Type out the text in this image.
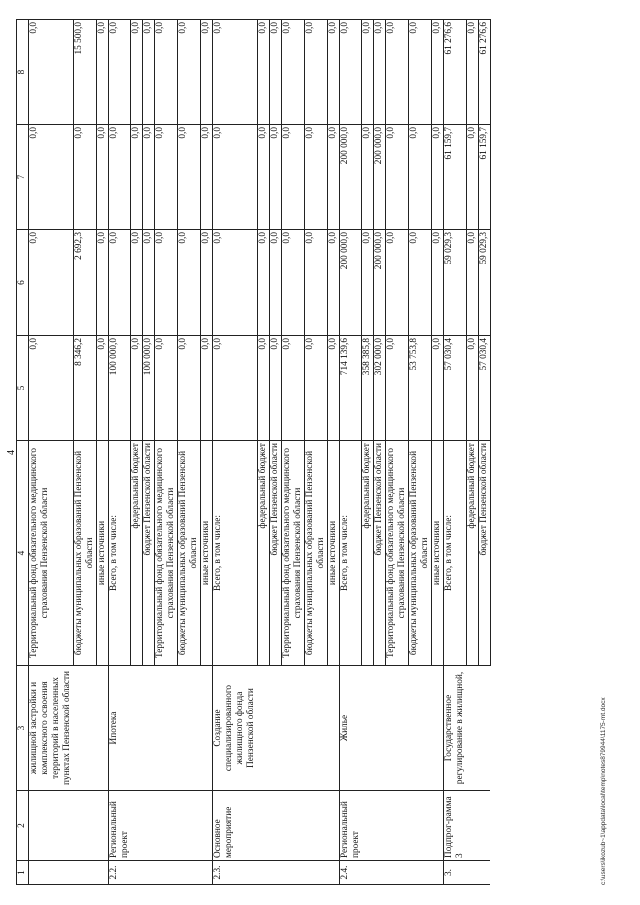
4
1	2	3	4	5	6	7	8
		жилищной застройки и комплексного освоения территорий в населенных пунктах Пензенской области	Территориальный фонд обязательного медицинского страхования Пензенской области	0,0	0,0	0,0	0,0
			бюджеты муниципальных образований Пензенской области	8 346,2	2 692,3	0,0	15 500,0
			иные источники	0,0	0,0	0,0	0,0
2.2.	Региональный проект	Ипотека	Всего, в том числе:	100 000,0	0,0	0,0	0,0
			федеральный бюджет	0,0	0,0	0,0	0,0
			бюджет Пензенской области	100 000,0	0,0	0,0	0,0
			Территориальный фонд обязательного медицинского страхования Пензенской области	0,0	0,0	0,0	0,0
			бюджеты муниципальных образований Пензенской области	0,0	0,0	0,0	0,0
			иные источники	0,0	0,0	0,0	0,0
2.3.	Основное мероприятие	Создание специализированного жилищного фонда Пензенской области	Всего, в том числе:	0,0	0,0	0,0	0,0
			федеральный бюджет	0,0	0,0	0,0	0,0
			бюджет Пензенской области	0,0	0,0	0,0	0,0
			Территориальный фонд обязательного медицинского страхования Пензенской области	0,0	0,0	0,0	0,0
			бюджеты муниципальных образований Пензенской области	0,0	0,0	0,0	0,0
			иные источники	0,0	0,0	0,0	0,0
2.4.	Региональный проект	Жилье	Всего, в том числе:	714 139,6	200 000,0	200 000,0	0,0
			федеральный бюджет	358 385,8	0,0	0,0	0,0
			бюджет Пензенской области	302 000,0	200 000,0	200 000,0	0,0
			Территориальный фонд обязательного медицинского страхования Пензенской области	0,0	0,0	0,0	0,0
			бюджеты муниципальных образований Пензенской области	53 753,8	0,0	0,0	0,0
			иные источники	0,0	0,0	0,0	0,0
3.	Подпрог-рамма 3	Государственное регулирование в жилищной,	Всего, в том числе:	57 030,4	59 029,3	61 159,7	61 276,6
			федеральный бюджет	0,0	0,0	0,0	0,0
			бюджет Пензенской области	57 030,4	59 029,3	61 159,7	61 276,6
c:\users\ikozub~1\appdata\local\temp\notes879944\1175-mt.docx
